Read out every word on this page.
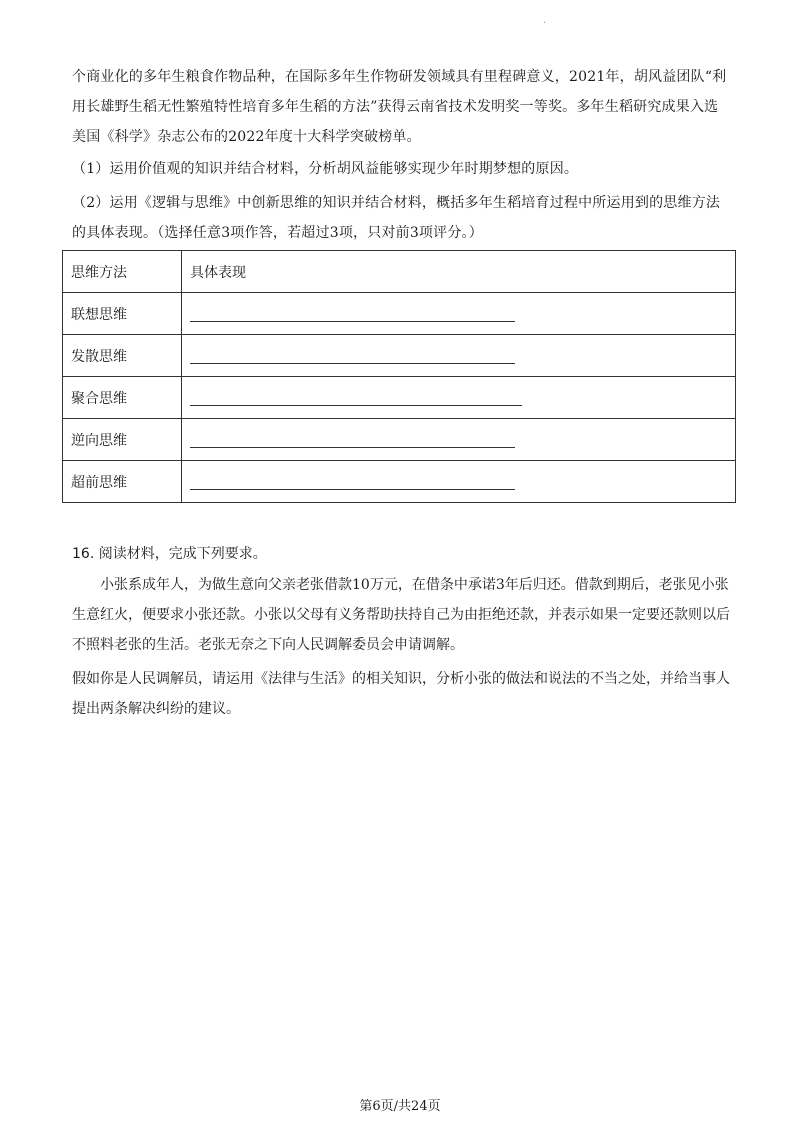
·

个商业化的多年生粮食作物品种，在国际多年生作物研发领域具有里程碑意义，2021年，胡风益团队“利用长雄野生稻无性繁殖特性培育多年生稻的方法”获得云南省技术发明奖一等奖。多年生稻研究成果入选美国《科学》杂志公布的2022年度十大科学突破榜单。

（1）运用价值观的知识并结合材料，分析胡风益能够实现少年时期梦想的原因。

（2）运用《逻辑与思维》中创新思维的知识并结合材料，概括多年生稻培育过程中所运用到的思维方法的具体表现。（选择任意3项作答，若超过3项，只对前3项评分。）

思维方法	具体表现
联想思维	
发散思维	
聚合思维	
逆向思维	
超前思维	
16. 阅读材料，完成下列要求。

小张系成年人，为做生意向父亲老张借款10万元，在借条中承诺3年后归还。借款到期后，老张见小张生意红火，便要求小张还款。小张以父母有义务帮助扶持自己为由拒绝还款，并表示如果一定要还款则以后不照料老张的生活。老张无奈之下向人民调解委员会申请调解。

假如你是人民调解员，请运用《法律与生活》的相关知识，分析小张的做法和说法的不当之处，并给当事人提出两条解决纠纷的建议。

第6页/共24页
